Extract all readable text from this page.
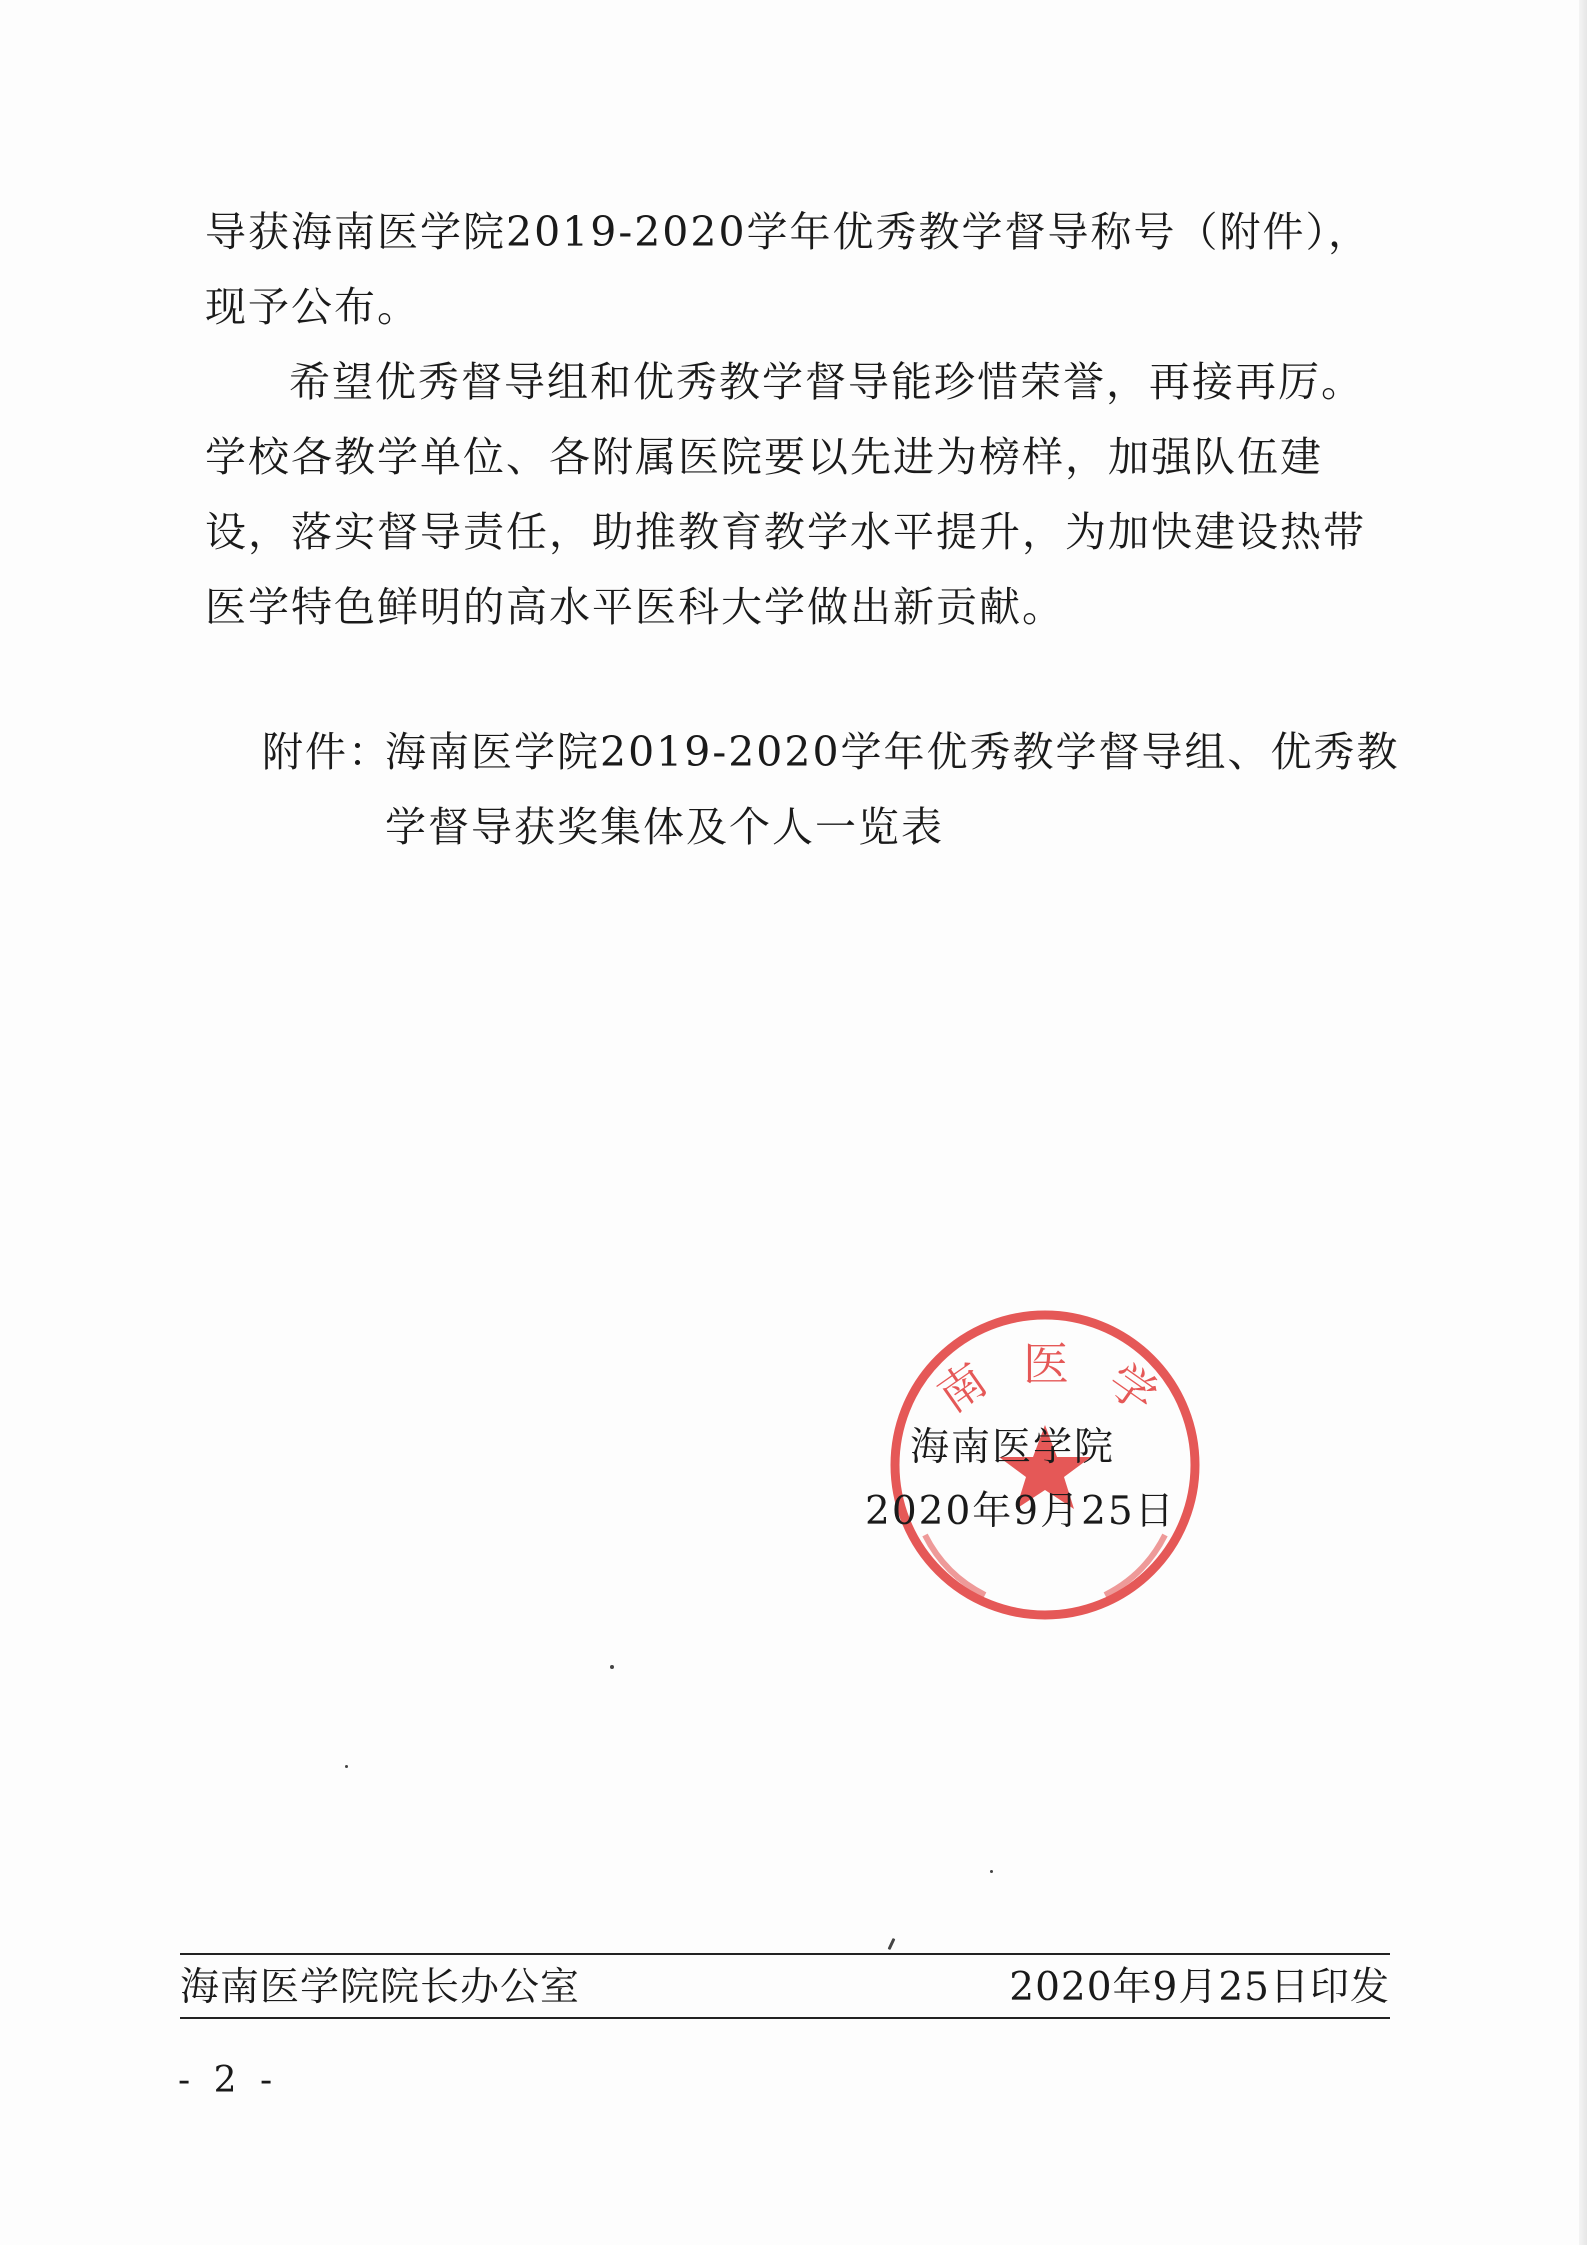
导获海南医学院2019-2020学年优秀教学督导称号（附件），现予公布。

希望优秀督导组和优秀教学督导能珍惜荣誉，再接再厉。学校各教学单位、各附属医院要以先进为榜样，加强队伍建设，落实督导责任，助推教育教学水平提升，为加快建设热带医学特色鲜明的高水平医科大学做出新贡献。

附件：
海南医学院2019-2020学年优秀教学督导组、优秀教学督导获奖集体及个人一览表
南 医 学
海南医学院
2020年9月25日
海南医学院院长办公室	2020年9月25日印发
- 2 -
